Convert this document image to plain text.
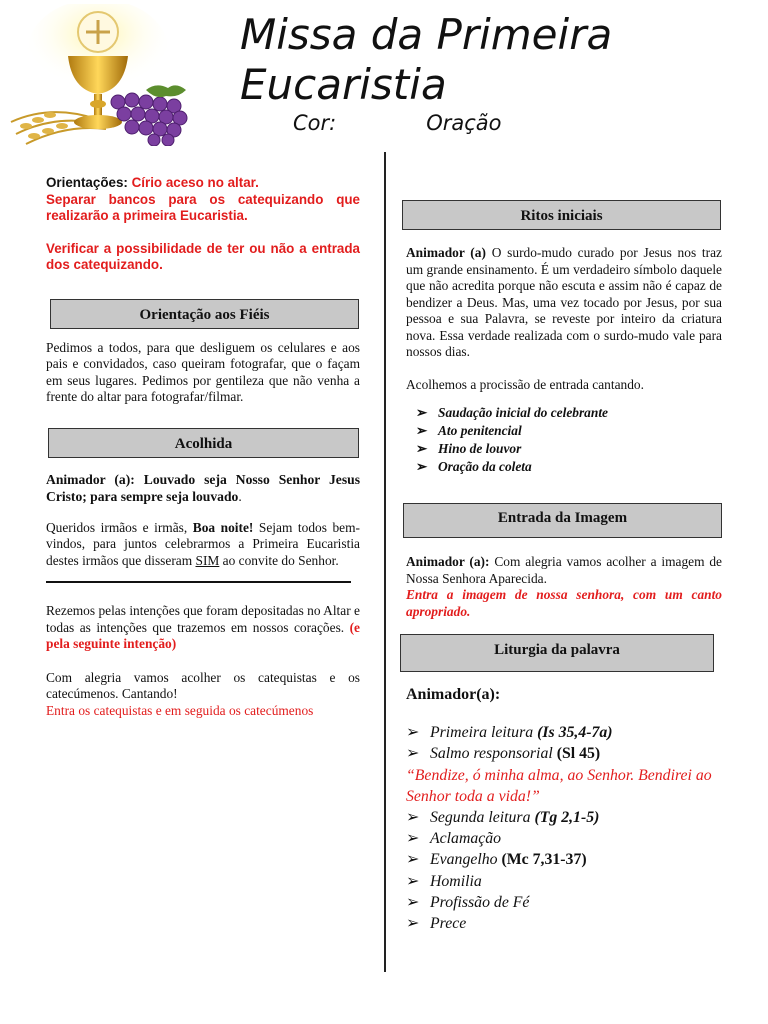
Missa da Primeira
Eucaristia
Cor:	Oração

Orientações: Círio aceso no altar.
Separar bancos para os catequizando que realizarão a primeira Eucaristia.

Verificar a possibilidade de ter ou não a entrada dos catequizando.

Orientação aos Fiéis

Pedimos a todos, para que desliguem os celulares e aos pais e convidados, caso queiram fotografar, que o façam em seus lugares. Pedimos por gentileza que não venha a frente do altar para fotografar/filmar.

Acolhida

Animador (a): Louvado seja Nosso Senhor Jesus Cristo; para sempre seja louvado.

Queridos irmãos e irmãs, Boa noite! Sejam todos bem-vindos, para juntos celebrarmos a Primeira Eucaristia destes irmãos que disseram SIM ao convite do Senhor.

Rezemos pelas intenções que foram depositadas no Altar e todas as intenções que trazemos em nossos corações. (e pela seguinte intenção)

Com alegria vamos acolher os catequistas e os catecúmenos. Cantando!

Entra os catequistas e em seguida os catecúmenos

Ritos iniciais

Animador (a) O surdo-mudo curado por Jesus nos traz um grande ensinamento. É um verdadeiro símbolo daquele que não acredita porque não escuta e assim não é capaz de bendizer a Deus. Mas, uma vez tocado por Jesus, por sua pessoa e sua Palavra, se reveste por inteiro da criatura nova. Essa verdade realizada com o surdo-mudo vale para nossos dias.

Acolhemos a procissão de entrada cantando.

➢ Saudação inicial do celebrante
➢ Ato penitencial
➢ Hino de louvor
➢ Oração da coleta
Entrada da Imagem

Animador (a): Com alegria vamos acolher a imagem de Nossa Senhora Aparecida.

Entra a imagem de nossa senhora, com um canto apropriado.

Liturgia da palavra

Animador(a):

➢ Primeira leitura (Is 35,4-7a)
➢ Salmo responsorial (Sl 45)

“Bendize, ó minha alma, ao Senhor. Bendirei ao Senhor toda a vida!”

➢ Segunda leitura (Tg 2,1-5)
➢ Aclamação
➢ Evangelho (Mc 7,31-37)
➢ Homilia
➢ Profissão de Fé
➢ Prece
